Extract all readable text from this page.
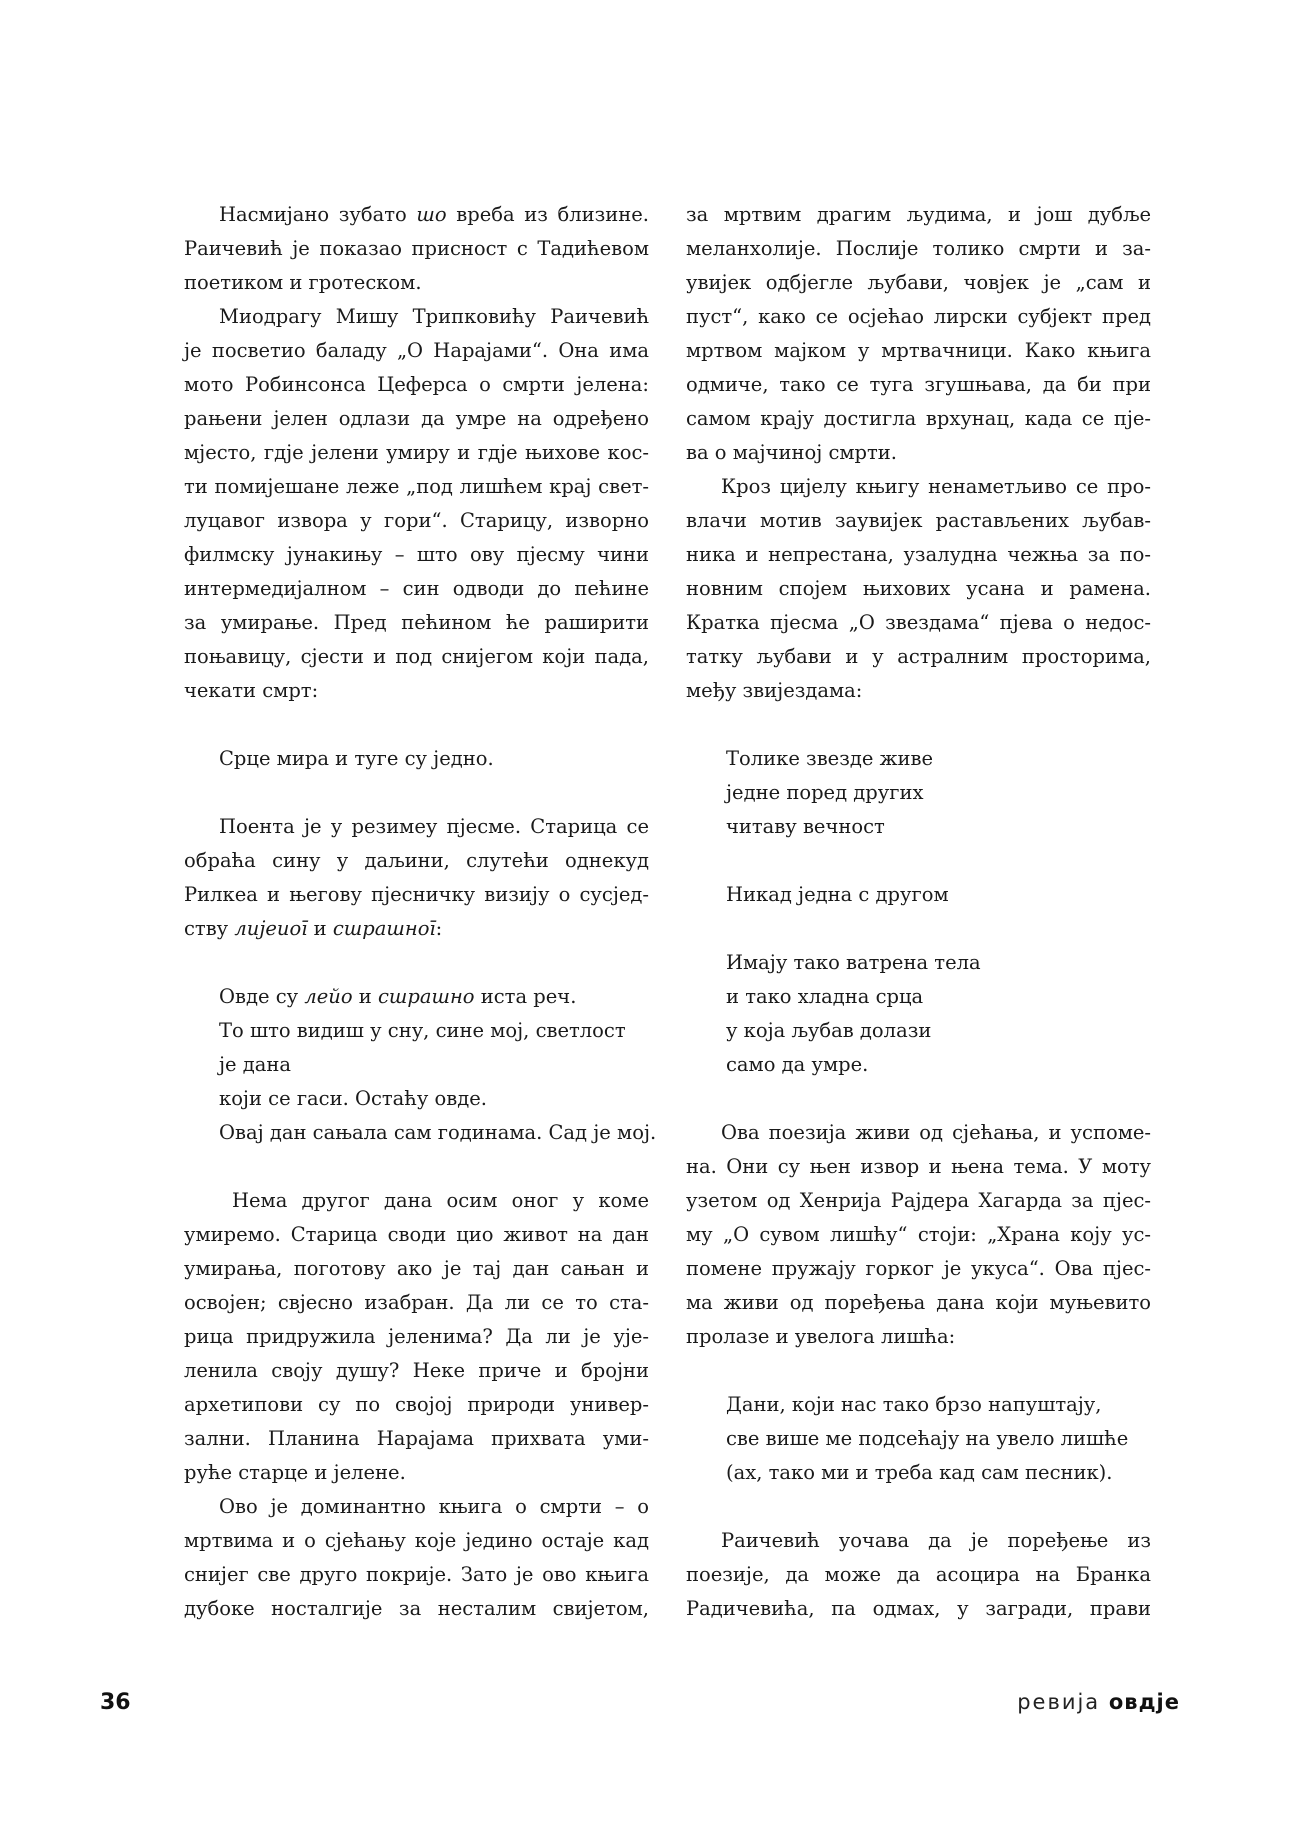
Насмијано зубато шо вреба из близине.

Раичевић је показао присност с Тадићевом

поетиком и гротеском.

Миодрагу Мишу Трипковићу Раичевић

је посветио баладу „О Нарајами“. Она има

мото Робинсонса Цеферса о смрти јелена:

рањени јелен одлази да умре на одређено

мјесто, гдје јелени умиру и гдје њихове кос-

ти помијешане леже „под лишћем крај свет-

луцавог извора у гори“. Старицу, изворно

филмску јунакињу – што ову пјесму чини

интермедијалном – син одводи до пећине

за умирање. Пред пећином ће раширити

поњавицу, сјести и под снијегом који пада,

чекати смрт:

Срце мира и туге су једно.

Поента је у резимеу пјесме. Старица се

обраћа сину у даљини, слутећи однекуд

Рилкеа и његову пјесничку визију о сусјед-

ству лијеиоī и сшрашноī:

Овде су лейо и сшрашно иста реч.

То што видиш у сну, сине мој, светлост

је дана

који се гаси. Остаћу овде.

Овај дан сањала сам годинама. Сад је мој.

Нема другог дана осим оног у коме

умиремо. Старица своди цио живот на дан

умирања, поготову ако је тај дан сањан и

освојен; свјесно изабран. Да ли се то ста-

рица придружила јеленима? Да ли је ује-

ленила своју душу? Неке приче и бројни

архетипови су по својој природи универ-

зални. Планина Нарајама прихвата уми-

рућe старце и јелене.

Ово је доминантно књига о смрти – о

мртвима и о сјећању које једино остаје кад

снијег све друго покрије. Зато је ово књига

дубоке носталгије за несталим свијетом,

за мртвим драгим људима, и још дубље

меланхолије. Послије толико смрти и за-

увијек одбјегле љубави, човјек је „сам и

пуст“, како се осјећао лирски субјект пред

мртвом мајком у мртвачници. Како књига

одмиче, тако се туга згушњава, да би при

самом крају достигла врхунац, када се пје-

ва о мајчиној смрти.

Кроз цијелу књигу ненаметљиво се про-

влачи мотив заувијек растављених љубав-

ника и непрестана, узалудна чежња за по-

новним спојем њихових усана и рамена.

Кратка пјесма „О звездама“ пјева о недос-

татку љубави и у астралним просторима,

међу звијездама:

Толике звезде живе

једне поред других

читаву вечност

Никад једна с другом

Имају тако ватрена тела

и тако хладна срца

у која љубав долази

само да умре.

Ова поезија живи од сјећања, и успоме-

на. Они су њен извор и њена тема. У моту

узетом од Хенрија Рајдера Хагарда за пјес-

му „О сувом лишћу“ стоји: „Храна коју ус-

помене пружају горког је укуса“. Ова пјес-

ма живи од поређења дана који муњевито

пролазе и увелога лишћа:

Дани, који нас тако брзо напуштају,

све више ме подсећају на увело лишће

(ах, тако ми и треба кад сам песник).

Раичевић уочава да је поређење из

поезије, да може да асоцира на Бранка

Радичевића, па одмах, у загради, прави

36	ревија овдје
